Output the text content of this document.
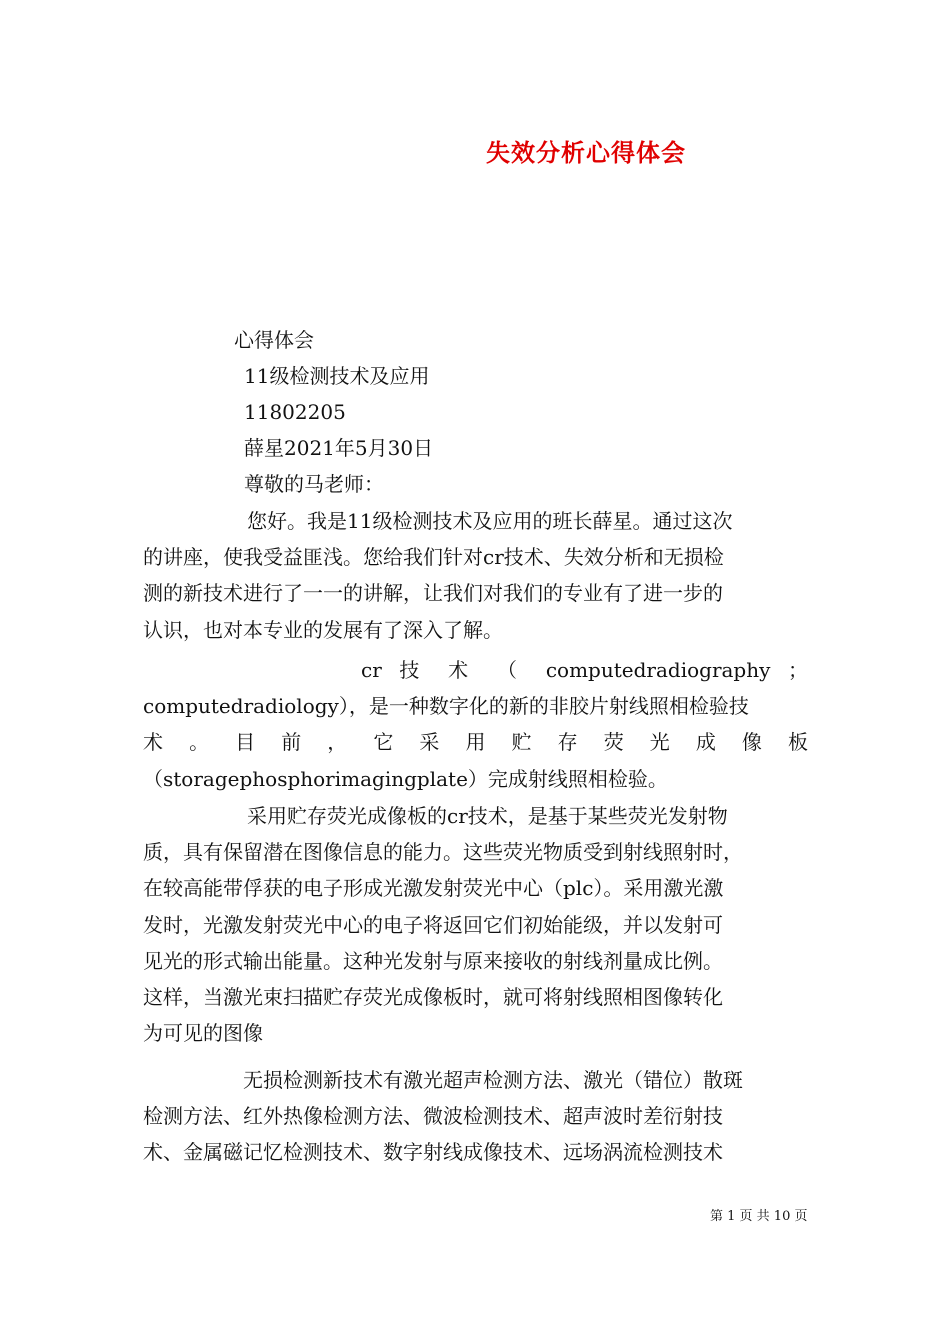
失效分析心得体会
心得体会
11级检测技术及应用
11802205
薛星2021年5月30日
尊敬的马老师：
您好。我是11级检测技术及应用的班长薛星。通过这次
的讲座，使我受益匪浅。您给我们针对cr技术、失效分析和无损检
测的新技术进行了一一的讲解，让我们对我们的专业有了进一步的
认识，也对本专业的发展有了深入了解。
cr 技 术 （ computedradiography ；
computedradiology），是一种数字化的新的非胶片射线照相检验技
术 。 目 前 ， 它 采 用 贮 存 荧 光 成 像 板
（storagephosphorimagingplate）完成射线照相检验。
采用贮存荧光成像板的cr技术，是基于某些荧光发射物
质，具有保留潜在图像信息的能力。这些荧光物质受到射线照射时，
在较高能带俘获的电子形成光激发射荧光中心（plc）。采用激光激
发时，光激发射荧光中心的电子将返回它们初始能级，并以发射可
见光的形式输出能量。这种光发射与原来接收的射线剂量成比例。
这样，当激光束扫描贮存荧光成像板时，就可将射线照相图像转化
为可见的图像
无损检测新技术有激光超声检测方法、激光（错位）散斑
检测方法、红外热像检测方法、微波检测技术、超声波时差衍射技
术、金属磁记忆检测技术、数字射线成像技术、远场涡流检测技术
第 1 页 共 10 页
